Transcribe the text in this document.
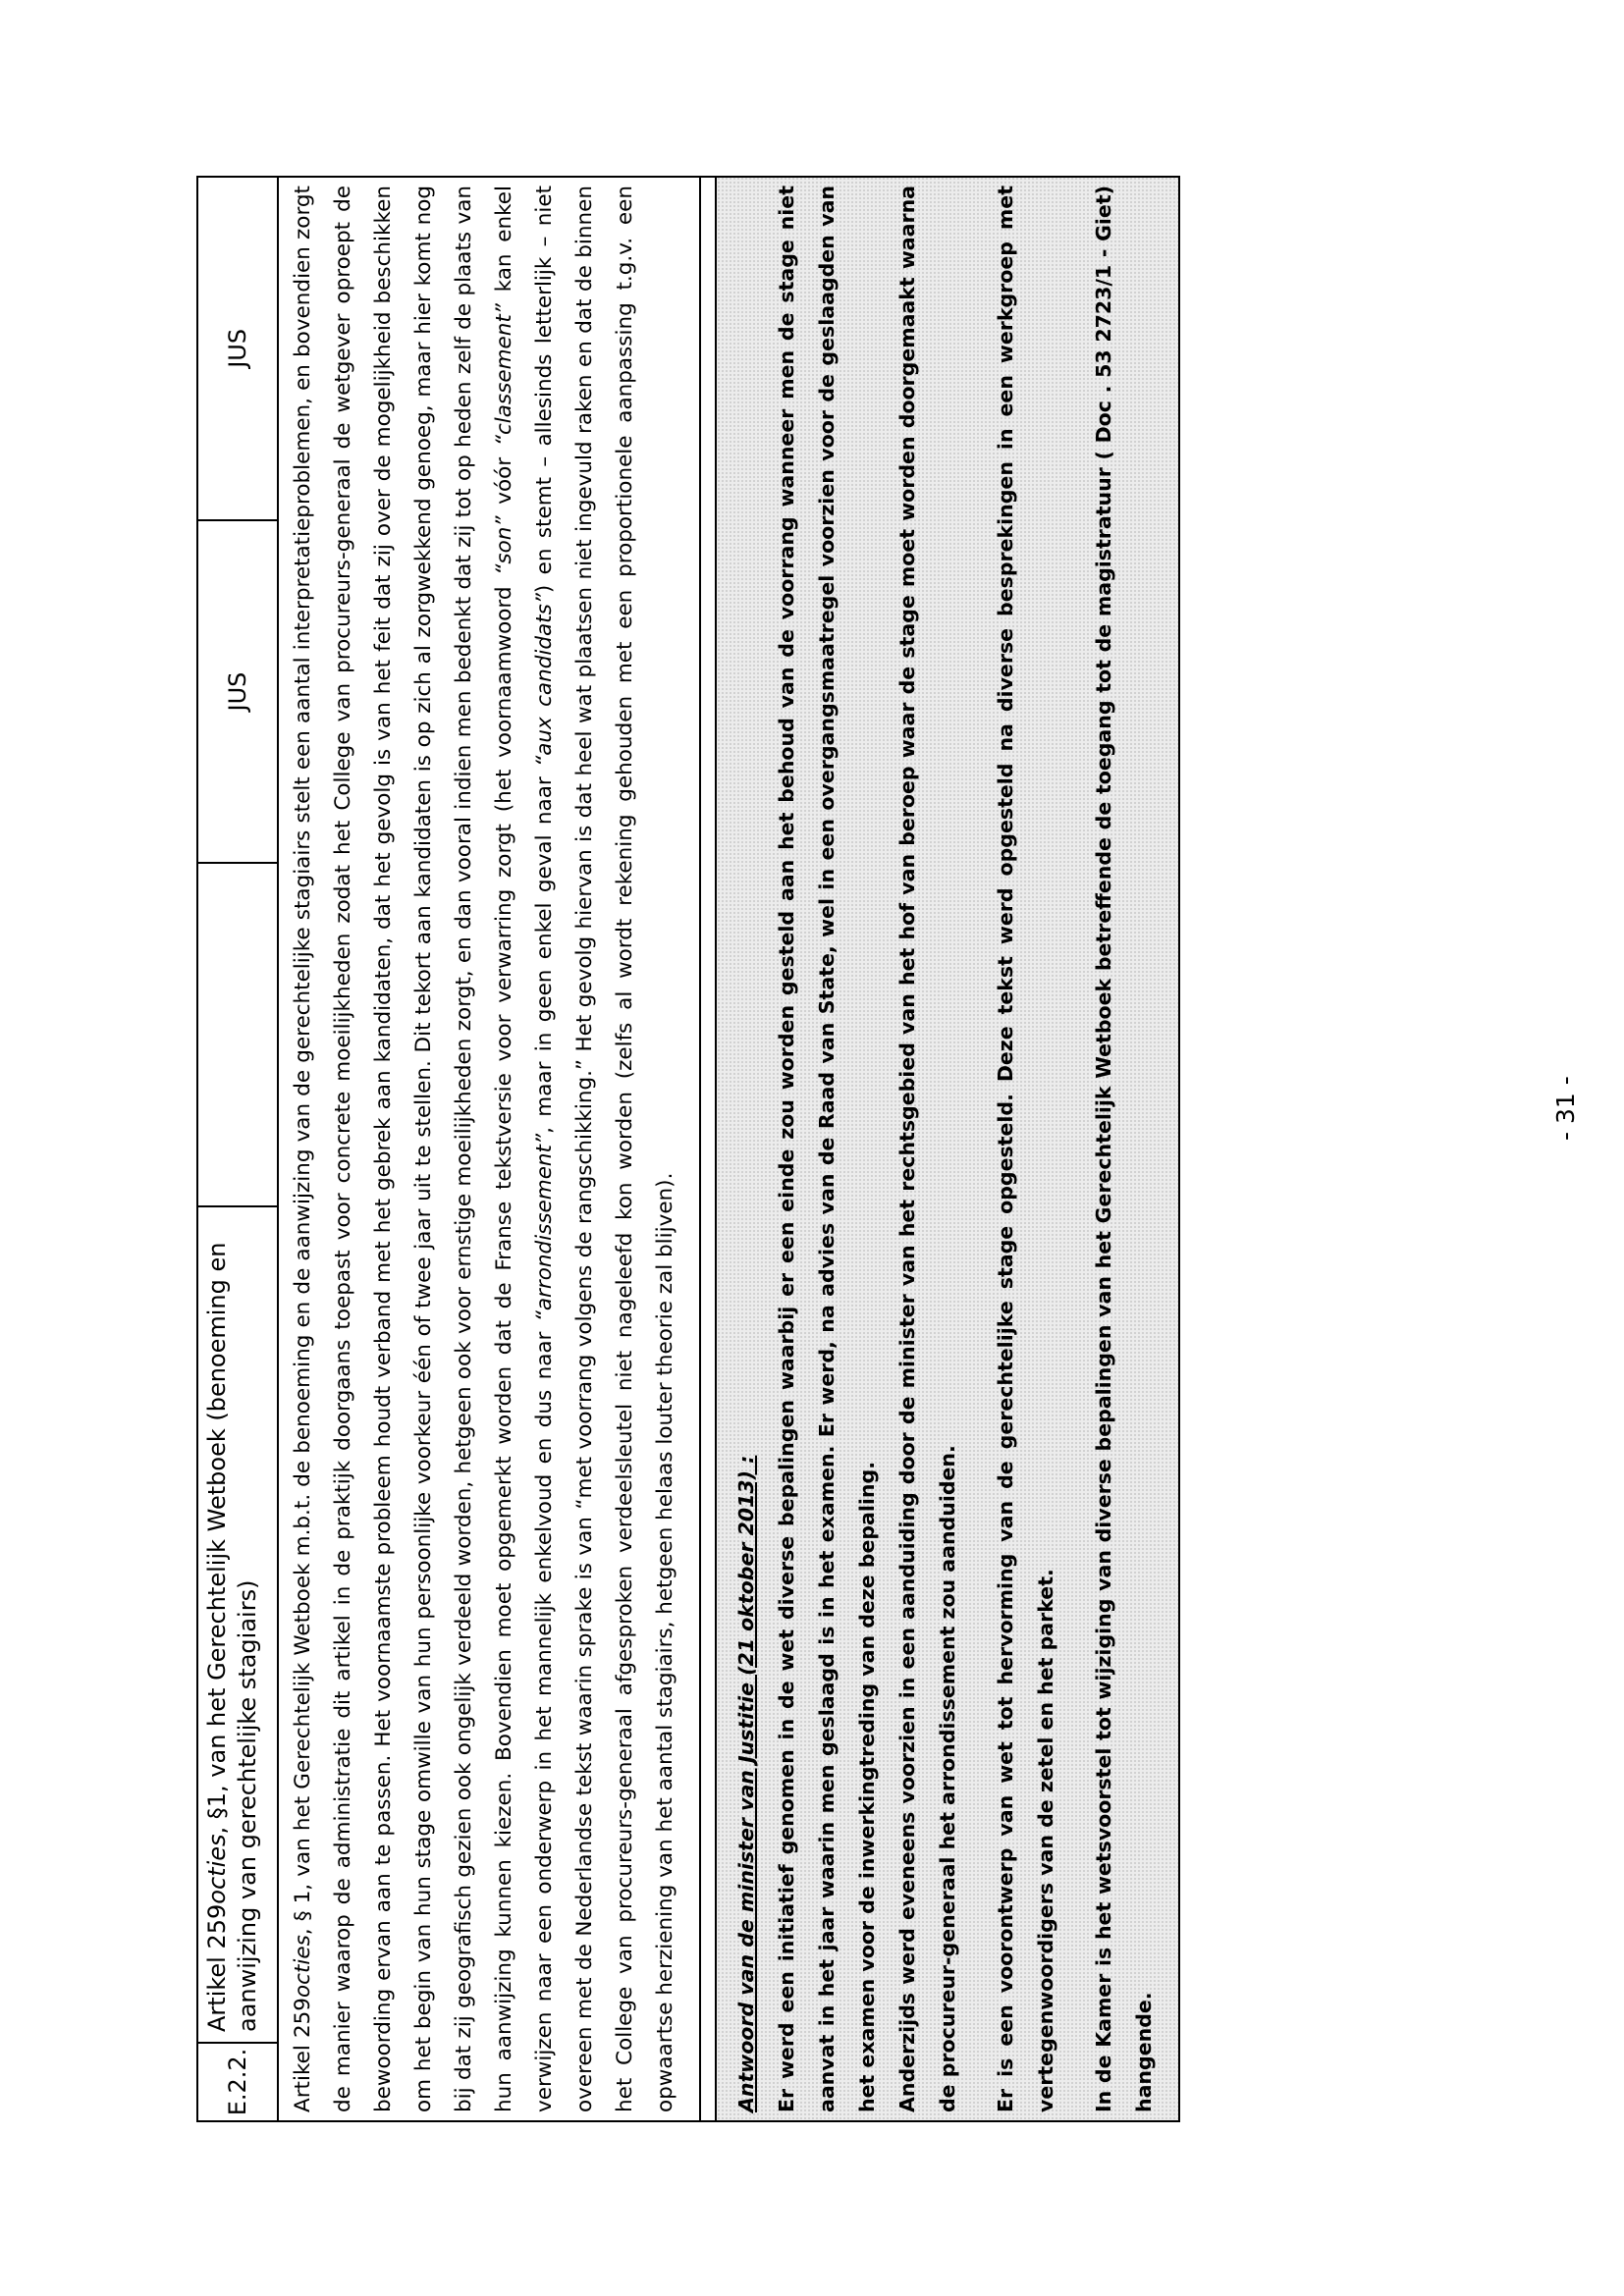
E.2.2.	Artikel 259octies, §1, van het Gerechtelijk Wetboek (benoeming en aanwijzing van gerechtelijke stagiairs)		JUS	JUS
Artikel 259octies, § 1, van het Gerechtelijk Wetboek m.b.t. de benoeming en de aanwijzing van de gerechtelijke stagiairs stelt een aantal interpretatieproblemen, en bovendien zorgt de manier waarop de administratie dit artikel in de praktijk doorgaans toepast voor concrete moeilijkheden zodat het College van procureurs-generaal de wetgever oproept de bewoording ervan aan te passen. Het voornaamste probleem houdt verband met het gebrek aan kandidaten, dat het gevolg is van het feit dat zij over de mogelijkheid beschikken om het begin van hun stage omwille van hun persoonlijke voorkeur één of twee jaar uit te stellen. Dit tekort aan kandidaten is op zich al zorgwekkend genoeg, maar hier komt nog bij dat zij geografisch gezien ook ongelijk verdeeld worden, hetgeen ook voor ernstige moeilijkheden zorgt, en dan vooral indien men bedenkt dat zij tot op heden zelf de plaats van hun aanwijzing kunnen kiezen. Bovendien moet opgemerkt worden dat de Franse tekstversie voor verwarring zorgt (het voornaamwoord “son” vóór “classement” kan enkel verwijzen naar een onderwerp in het mannelijk enkelvoud en dus naar “arrondissement”, maar in geen enkel geval naar “aux candidats”) en stemt – allesinds letterlijk – niet overeen met de Nederlandse tekst waarin sprake is van “met voorrang volgens de rangschikking.” Het gevolg hiervan is dat heel wat plaatsen niet ingevuld raken en dat de binnen het College van procureurs-generaal afgesproken verdeelsleutel niet nageleefd kon worden (zelfs al wordt rekening gehouden met een proportionele aanpassing t.g.v. een opwaartse herziening van het aantal stagiairs, hetgeen helaas louter theorie zal blijven).

Antwoord van de minister van Justitie (21 oktober 2013) : Er werd een initiatief genomen in de wet diverse bepalingen waarbij er een einde zou worden gesteld aan het behoud van de voorrang wanneer men de stage niet aanvat in het jaar waarin men geslaagd is in het examen. Er werd, na advies van de Raad van State, wel in een overgangsmaatregel voorzien voor de geslaagden van het examen voor de inwerkingtreding van deze bepaling. Anderzijds werd eveneens voorzien in een aanduiding door de minister van het rechtsgebied van het hof van beroep waar de stage moet worden doorgemaakt waarna de procureur-generaal het arrondissement zou aanduiden.	Er is een voorontwerp van wet tot hervorming van de gerechtelijke stage opgesteld. Deze tekst werd opgesteld na diverse besprekingen in een werkgroep met vertegenwoordigers van de zetel en het parket.	In de Kamer is het wetsvoorstel tot wijziging van diverse bepalingen van het Gerechtelijk Wetboek betreffende de toegang tot de magistratuur ( Doc . 53 2723/1 - Giet) hangende.

- 31 -
